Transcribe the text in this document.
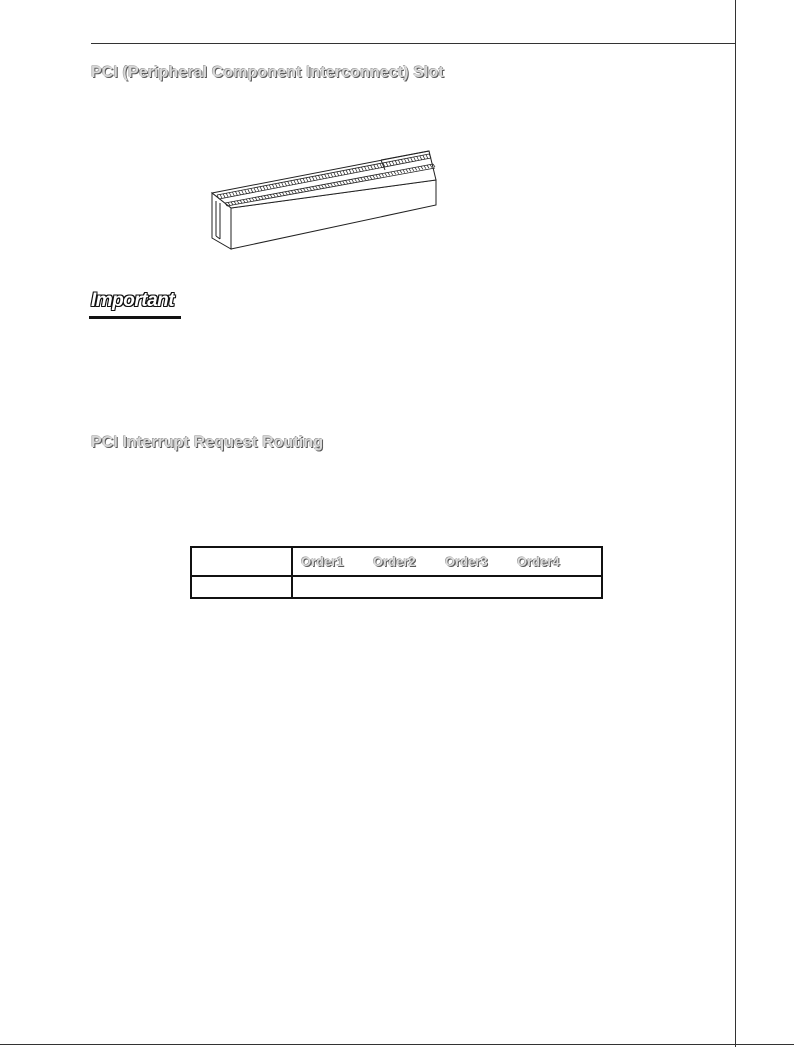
PCI (Peripheral Component Interconnect) Slot
Important
PCI Interrupt Request Routing
Order1 Order2 Order3 Order4
